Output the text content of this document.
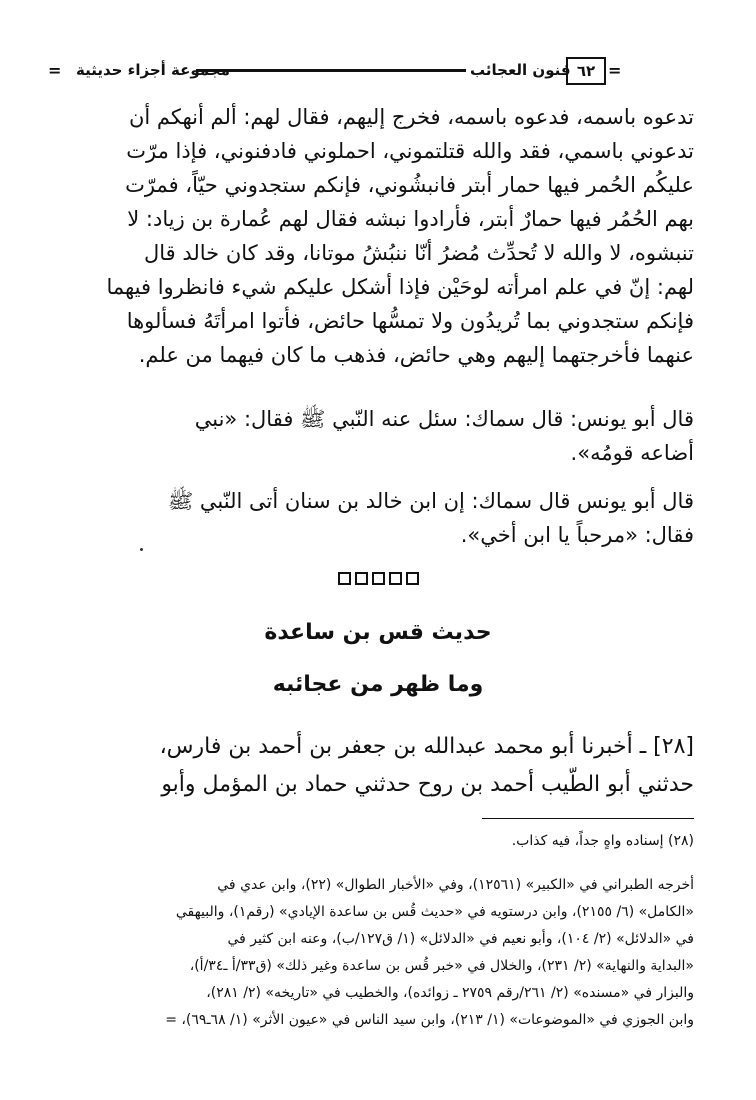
= مجموعة أجزاء حديثية	فنون العجائب ٦٢ =
تدعوه باسمه، فدعوه باسمه، فخرج إليهم، فقال لهم: ألم أنهكم أن
تدعوني باسمي، فقد والله قتلتموني، احملوني فادفنوني، فإذا مرّت
عليكُم الحُمر فيها حمار أبتر فانبشُوني، فإنكم ستجدوني حيّاً، فمرّت
بهم الحُمُر فيها حمارٌ أبتر، فأرادوا نبشه فقال لهم عُمارة بن زياد: لا
تنبشوه، لا والله لا تُحدِّث مُضرُ أنّا ننبُشُ موتانا، وقد كان خالد قال
لهم: إنّ في علم امرأته لوحَيْن فإذا أشكل عليكم شيء فانظروا فيهما
فإنكم ستجدوني بما تُريدُون ولا تمسُّها حائض، فأتوا امرأتَهُ فسألوها
عنهما فأخرجتهما إليهم وهي حائض، فذهب ما كان فيهما من علم.
قال أبو يونس: قال سماك: سئل عنه النّبي ﷺ فقال: «نبي
أضاعه قومُه».
قال أبو يونس قال سماك: إن ابن خالد بن سنان أتى النّبي ﷺ
فقال: «مرحباً يا ابن أخي».
حديث قس بن ساعدة
وما ظهر من عجائبه
[٢٨] ـ أخبرنا أبو محمد عبدالله بن جعفر بن أحمد بن فارس،
حدثني أبو الطّيب أحمد بن روح حدثني حماد بن المؤمل وأبو
(٢٨) إسناده واهٍ جداً، فيه كذاب.
أخرجه الطبراني في «الكبير» (١٢٥٦١)، وفي «الأخبار الطوال» (٢٢)، وابن عدي في
«الكامل» (٦/ ٢١٥٥)، وابن درستويه في «حديث قُس بن ساعدة الإيادي» (رقم١)، والبيهقي
في «الدلائل» (٢/ ١٠٤)، وأبو نعيم في «الدلائل» (١/ ق١٢٧/ب)، وعنه ابن كثير في
«البداية والنهاية» (٢/ ٢٣١)، والخلال في «خبر قُس بن ساعدة وغير ذلك» (ق٣٣/أ ـ٣٤/أ)،
والبزار في «مسنده» (٢/ ٢٦١/رقم ٢٧٥٩ ـ زوائده)، والخطيب في «تاريخه» (٢/ ٢٨١)،
وابن الجوزي في «الموضوعات» (١/ ٢١٣)، وابن سيد الناس في «عيون الأثر» (١/ ٦٨ـ٦٩)، =
